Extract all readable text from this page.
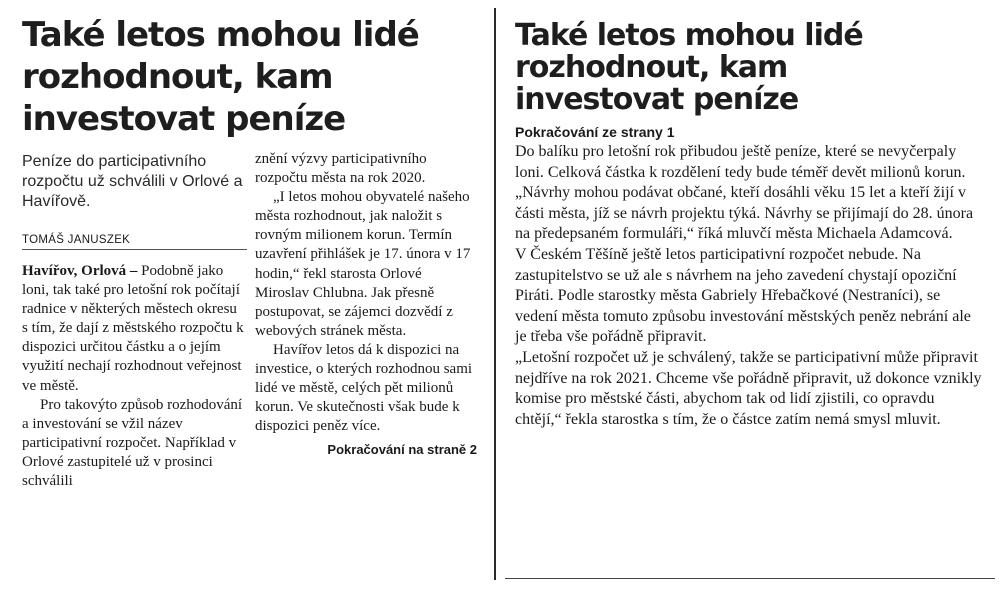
Také letos mohou lidé
rozhodnout, kam
investovat peníze
Peníze do participativního rozpočtu už schválili v Orlové a Havířově.
TOMÁŠ JANUSZEK

Havířov, Orlová – Podobně jako loni, tak také pro letošní rok počítají radnice v některých městech okresu s tím, že dají z městského rozpočtu k dispozici určitou částku a o jejím využití nechají rozhodnout veřejnost ve městě.

Pro takovýto způsob rozhodování a investování se vžil název participativní rozpočet. Například v Orlové zastupitelé už v prosinci schválili

znění výzvy participativního rozpočtu města na rok 2020.

„I letos mohou obyvatelé našeho města rozhodnout, jak naložit s rovným milionem korun. Termín uzavření přihlášek je 17. února v 17 hodin,“ řekl starosta Orlové Miroslav Chlubna. Jak přesně postupovat, se zájemci dozvědí z webových stránek města.

Havířov letos dá k dispozici na investice, o kterých rozhodnou sami lidé ve městě, celých pět milionů korun. Ve skutečnosti však bude k dispozici peněz více.

Pokračování na straně 2

Také letos mohou lidé
rozhodnout, kam
investovat peníze
Pokračování ze strany 1

Do balíku pro letošní rok přibudou ještě peníze, které se nevyčerpaly loni. Celková částka k rozdělení tedy bude téměř devět milionů korun.

„Návrhy mohou podávat občané, kteří dosáhli věku 15 let a kteří žijí v části města, jíž se návrh projektu týká. Návrhy se přijímají do 28. února na předepsaném formuláři,“ říká mluvčí města Michaela Adamcová.

V Českém Těšíně ještě letos participativní rozpočet nebude. Na zastupitelstvo se už ale s návrhem na jeho zavedení chystají opoziční Piráti. Podle starostky města Gabriely Hřebačkové (Nestraníci), se vedení města tomuto způsobu investování městských peněz nebrání ale je třeba vše pořádně připravit.

„Letošní rozpočet už je schválený, takže se participativní může připravit nejdříve na rok 2021. Chceme vše pořádně připravit, už dokonce vznikly komise pro městské části, abychom tak od lidí zjistili, co opravdu chtějí,“ řekla starostka s tím, že o částce zatím nemá smysl mluvit.
